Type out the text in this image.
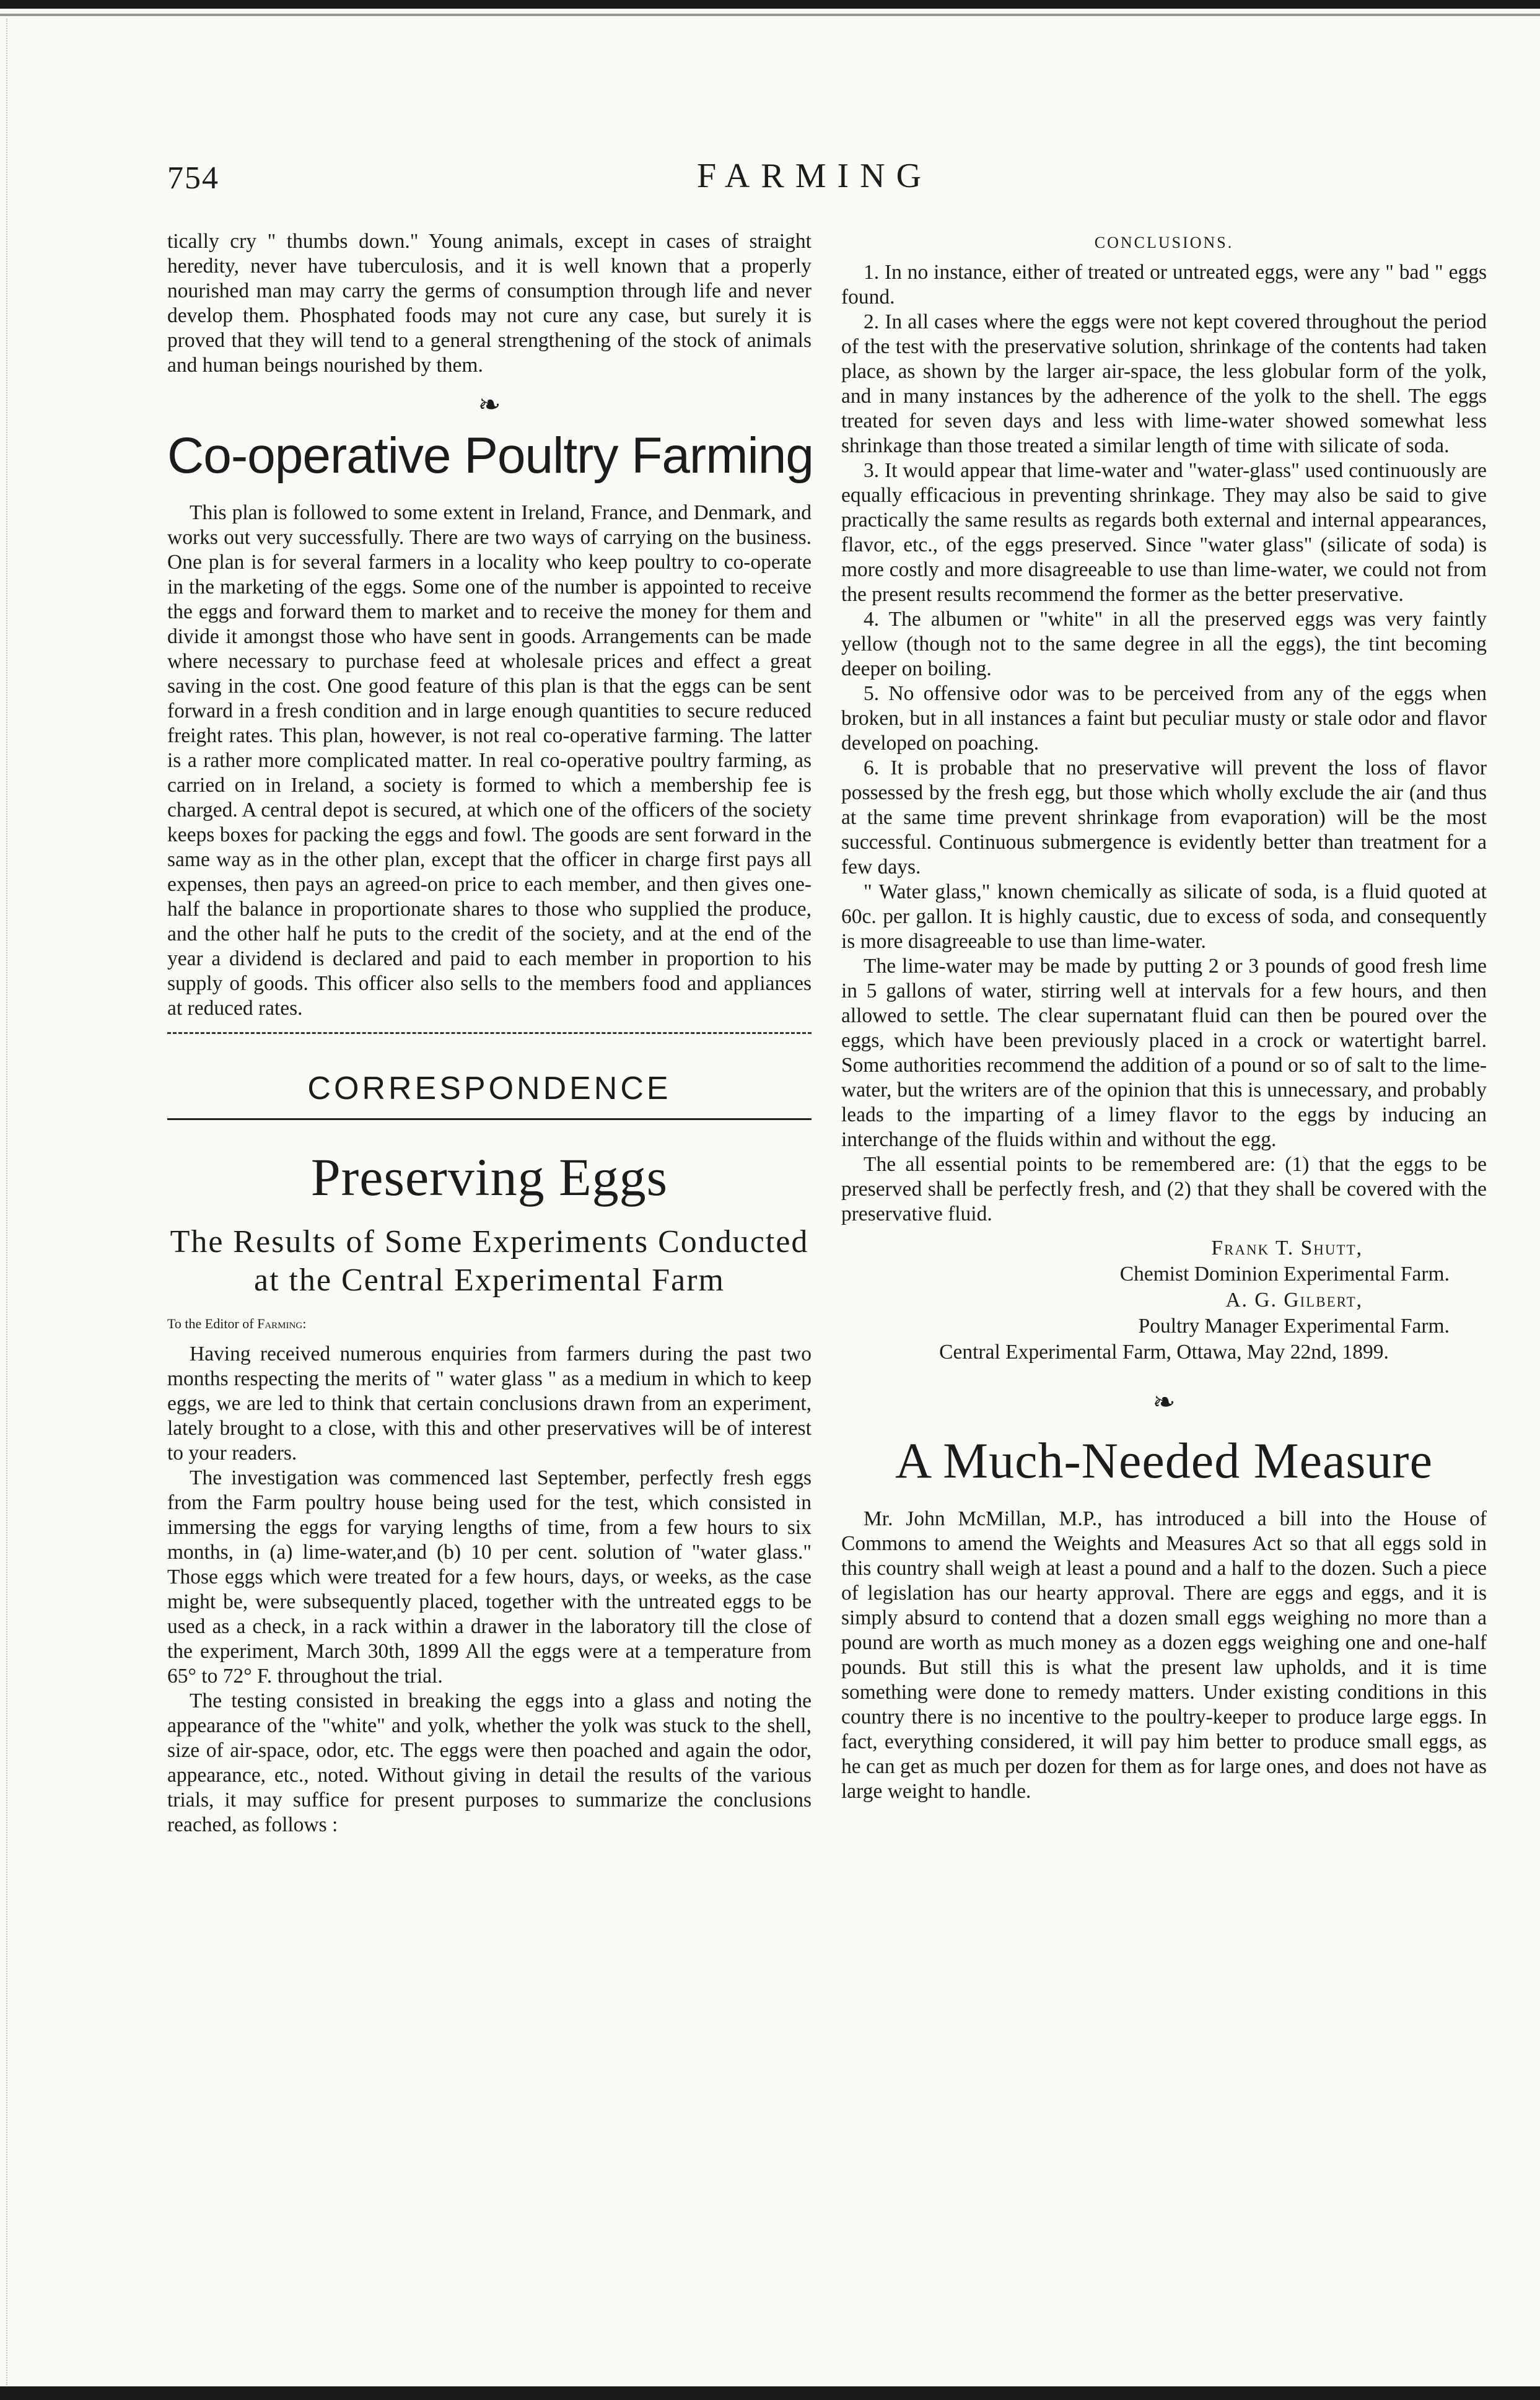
FARMING
754

tically cry " thumbs down." Young animals, except in cases of straight heredity, never have tuberculosis, and it is well known that a properly nourished man may carry the germs of consumption through life and never develop them. Phosphated foods may not cure any case, but surely it is proved that they will tend to a general strengthening of the stock of animals and human beings nourished by them.

❧
Co-operative Poultry Farming

This plan is followed to some extent in Ireland, France, and Denmark, and works out very successfully. There are two ways of carrying on the business. One plan is for several farmers in a locality who keep poultry to co-operate in the marketing of the eggs. Some one of the number is appointed to receive the eggs and forward them to market and to receive the money for them and divide it amongst those who have sent in goods. Arrangements can be made where necessary to purchase feed at wholesale prices and effect a great saving in the cost. One good feature of this plan is that the eggs can be sent forward in a fresh condition and in large enough quantities to secure reduced freight rates. This plan, however, is not real co-operative farming. The latter is a rather more complicated matter. In real co-operative poultry farming, as carried on in Ireland, a society is formed to which a membership fee is charged. A central depot is secured, at which one of the officers of the society keeps boxes for packing the eggs and fowl. The goods are sent forward in the same way as in the other plan, except that the officer in charge first pays all expenses, then pays an agreed-on price to each member, and then gives one-half the balance in proportionate shares to those who supplied the produce, and the other half he puts to the credit of the society, and at the end of the year a dividend is declared and paid to each member in proportion to his supply of goods. This officer also sells to the members food and appliances at reduced rates.

CORRESPONDENCE
Preserving Eggs
The Results of Some Experiments Conducted at the Central Experimental Farm
To the Editor of Farming:

Having received numerous enquiries from farmers during the past two months respecting the merits of " water glass " as a medium in which to keep eggs, we are led to think that certain conclusions drawn from an experiment, lately brought to a close, with this and other preservatives will be of interest to your readers.

The investigation was commenced last September, perfectly fresh eggs from the Farm poultry house being used for the test, which consisted in immersing the eggs for varying lengths of time, from a few hours to six months, in (a) lime-water,and (b) 10 per cent. solution of "water glass." Those eggs which were treated for a few hours, days, or weeks, as the case might be, were subsequently placed, together with the untreated eggs to be used as a check, in a rack within a drawer in the laboratory till the close of the experiment, March 30th, 1899 All the eggs were at a temperature from 65° to 72° F. throughout the trial.

The testing consisted in breaking the eggs into a glass and noting the appearance of the "white" and yolk, whether the yolk was stuck to the shell, size of air-space, odor, etc. The eggs were then poached and again the odor, appearance, etc., noted. Without giving in detail the results of the various trials, it may suffice for present purposes to summarize the conclusions reached, as follows :

CONCLUSIONS.

1. In no instance, either of treated or untreated eggs, were any " bad " eggs found.

2. In all cases where the eggs were not kept covered throughout the period of the test with the preservative solution, shrinkage of the contents had taken place, as shown by the larger air-space, the less globular form of the yolk, and in many instances by the adherence of the yolk to the shell. The eggs treated for seven days and less with lime-water showed somewhat less shrinkage than those treated a similar length of time with silicate of soda.

3. It would appear that lime-water and "water-glass" used continuously are equally efficacious in preventing shrinkage. They may also be said to give practically the same results as regards both external and internal appearances, flavor, etc., of the eggs preserved. Since "water glass" (silicate of soda) is more costly and more disagreeable to use than lime-water, we could not from the present results recommend the former as the better preservative.

4. The albumen or "white" in all the preserved eggs was very faintly yellow (though not to the same degree in all the eggs), the tint becoming deeper on boiling.

5. No offensive odor was to be perceived from any of the eggs when broken, but in all instances a faint but peculiar musty or stale odor and flavor developed on poaching.

6. It is probable that no preservative will prevent the loss of flavor possessed by the fresh egg, but those which wholly exclude the air (and thus at the same time prevent shrinkage from evaporation) will be the most successful. Continuous submergence is evidently better than treatment for a few days.

" Water glass," known chemically as silicate of soda, is a fluid quoted at 60c. per gallon. It is highly caustic, due to excess of soda, and consequently is more disagreeable to use than lime-water.

The lime-water may be made by putting 2 or 3 pounds of good fresh lime in 5 gallons of water, stirring well at intervals for a few hours, and then allowed to settle. The clear supernatant fluid can then be poured over the eggs, which have been previously placed in a crock or watertight barrel. Some authorities recommend the addition of a pound or so of salt to the lime-water, but the writers are of the opinion that this is unnecessary, and probably leads to the imparting of a limey flavor to the eggs by inducing an interchange of the fluids within and without the egg.

The all essential points to be remembered are: (1) that the eggs to be preserved shall be perfectly fresh, and (2) that they shall be covered with the preservative fluid.

Frank T. Shutt,
Chemist Dominion Experimental Farm.
A. G. Gilbert,
Poultry Manager Experimental Farm.
Central Experimental Farm, Ottawa, May 22nd, 1899.
❧
A Much-Needed Measure

Mr. John McMillan, M.P., has introduced a bill into the House of Commons to amend the Weights and Measures Act so that all eggs sold in this country shall weigh at least a pound and a half to the dozen. Such a piece of legislation has our hearty approval. There are eggs and eggs, and it is simply absurd to contend that a dozen small eggs weighing no more than a pound are worth as much money as a dozen eggs weighing one and one-half pounds. But still this is what the present law upholds, and it is time something were done to remedy matters. Under existing conditions in this country there is no incentive to the poultry-keeper to produce large eggs. In fact, everything considered, it will pay him better to produce small eggs, as he can get as much per dozen for them as for large ones, and does not have as large weight to handle.
